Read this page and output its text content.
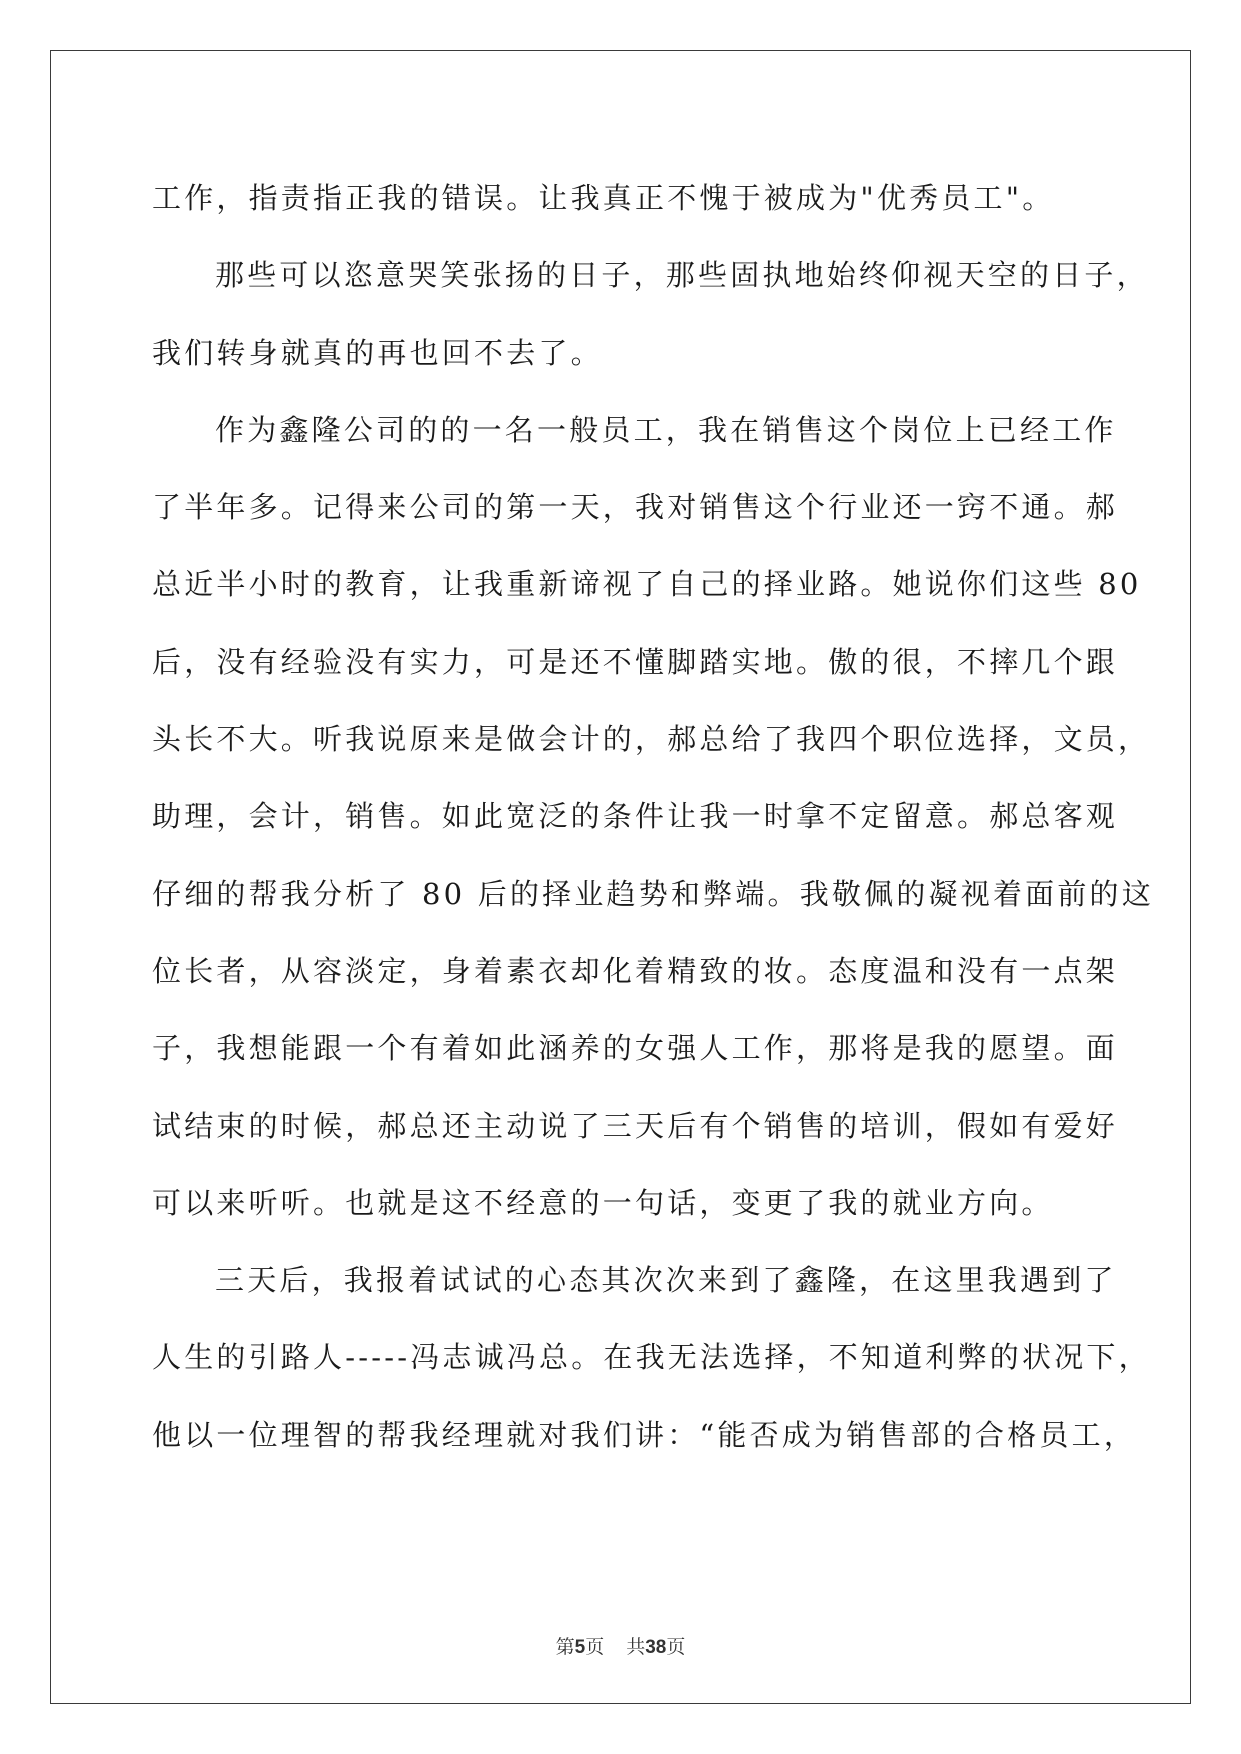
工作，指责指正我的错误。让我真正不愧于被成为"优秀员工"。
那些可以恣意哭笑张扬的日子，那些固执地始终仰视天空的日子，
我们转身就真的再也回不去了。
作为鑫隆公司的的一名一般员工，我在销售这个岗位上已经工作
了半年多。记得来公司的第一天，我对销售这个行业还一窍不通。郝
总近半小时的教育，让我重新谛视了自己的择业路。她说你们这些 80
后，没有经验没有实力，可是还不懂脚踏实地。傲的很，不摔几个跟
头长不大。听我说原来是做会计的，郝总给了我四个职位选择，文员，
助理，会计，销售。如此宽泛的条件让我一时拿不定留意。郝总客观
仔细的帮我分析了 80 后的择业趋势和弊端。我敬佩的凝视着面前的这
位长者，从容淡定，身着素衣却化着精致的妆。态度温和没有一点架
子，我想能跟一个有着如此涵养的女强人工作，那将是我的愿望。面
试结束的时候，郝总还主动说了三天后有个销售的培训，假如有爱好
可以来听听。也就是这不经意的一句话，变更了我的就业方向。
三天后，我报着试试的心态其次次来到了鑫隆，在这里我遇到了
人生的引路人-----冯志诚冯总。在我无法选择，不知道利弊的状况下，
他以一位理智的帮我经理就对我们讲：“能否成为销售部的合格员工，
第5页 共38页
